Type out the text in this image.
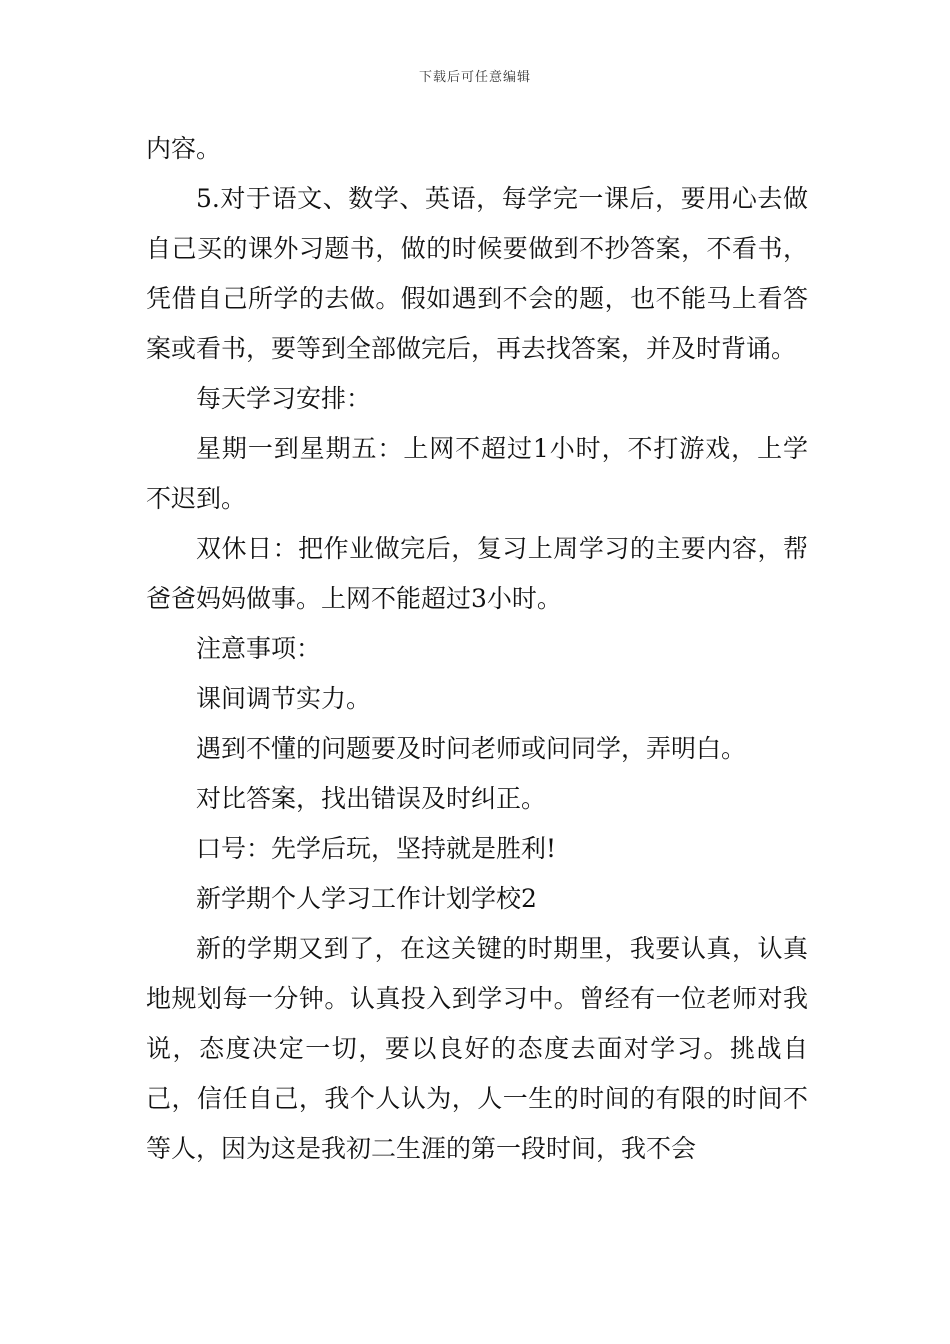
下载后可任意编辑

内容。

5.对于语文、数学、英语，每学完一课后，要用心去做自己买的课外习题书，做的时候要做到不抄答案，不看书，凭借自己所学的去做。假如遇到不会的题，也不能马上看答案或看书，要等到全部做完后，再去找答案，并及时背诵。

每天学习安排：

星期一到星期五：上网不超过1小时，不打游戏，上学不迟到。

双休日：把作业做完后，复习上周学习的主要内容，帮爸爸妈妈做事。上网不能超过3小时。

注意事项：

课间调节实力。

遇到不懂的问题要及时问老师或问同学，弄明白。

对比答案，找出错误及时纠正。

口号：先学后玩，坚持就是胜利!

新学期个人学习工作计划学校2

新的学期又到了，在这关键的时期里，我要认真，认真地规划每一分钟。认真投入到学习中。曾经有一位老师对我说，态度决定一切，要以良好的态度去面对学习。挑战自己，信任自己，我个人认为，人一生的时间的有限的时间不等人，因为这是我初二生涯的第一段时间，我不会
